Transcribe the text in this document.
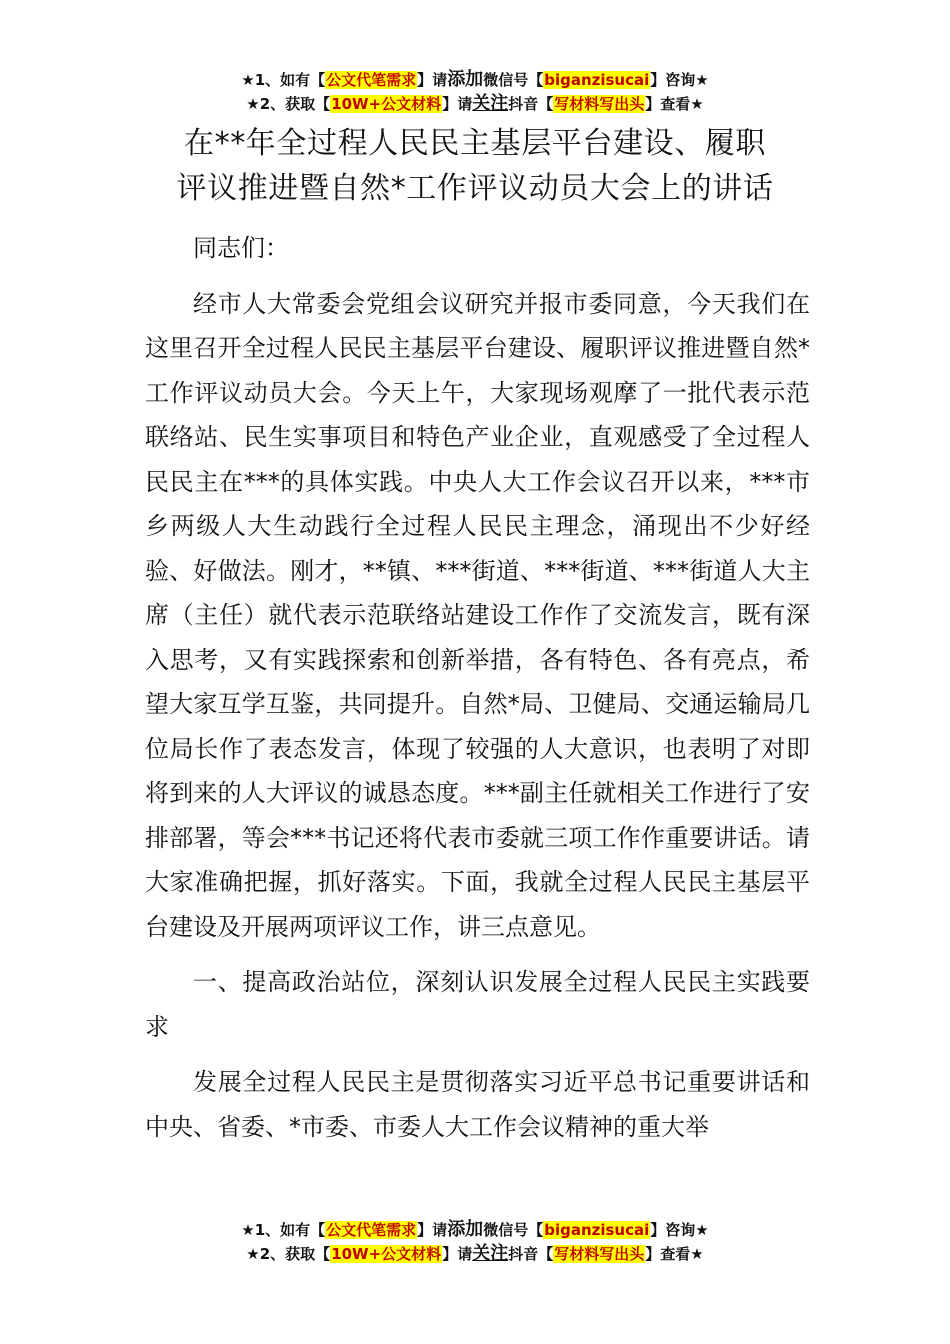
★1、如有【公文代笔需求】请添加微信号【biganzisucai】咨询★
★2、获取【10W+公文材料】请关注抖音【写材料写出头】查看★
在**年全过程人民民主基层平台建设、履职
评议推进暨自然*工作评议动员大会上的讲话

同志们：

经市人大常委会党组会议研究并报市委同意，今天我们在这里召开全过程人民民主基层平台建设、履职评议推进暨自然*工作评议动员大会。今天上午，大家现场观摩了一批代表示范联络站、民生实事项目和特色产业企业，直观感受了全过程人民民主在***的具体实践。中央人大工作会议召开以来，***市乡两级人大生动践行全过程人民民主理念，涌现出不少好经验、好做法。刚才，**镇、***街道、***街道、***街道人大主席（主任）就代表示范联络站建设工作作了交流发言，既有深入思考，又有实践探索和创新举措，各有特色、各有亮点，希望大家互学互鉴，共同提升。自然*局、卫健局、交通运输局几位局长作了表态发言，体现了较强的人大意识，也表明了对即将到来的人大评议的诚恳态度。***副主任就相关工作进行了安排部署，等会***书记还将代表市委就三项工作作重要讲话。请大家准确把握，抓好落实。下面，我就全过程人民民主基层平台建设及开展两项评议工作，讲三点意见。

一、提高政治站位，深刻认识发展全过程人民民主实践要求

发展全过程人民民主是贯彻落实习近平总书记重要讲话和中央、省委、*市委、市委人大工作会议精神的重大举

★1、如有【公文代笔需求】请添加微信号【biganzisucai】咨询★
★2、获取【10W+公文材料】请关注抖音【写材料写出头】查看★
